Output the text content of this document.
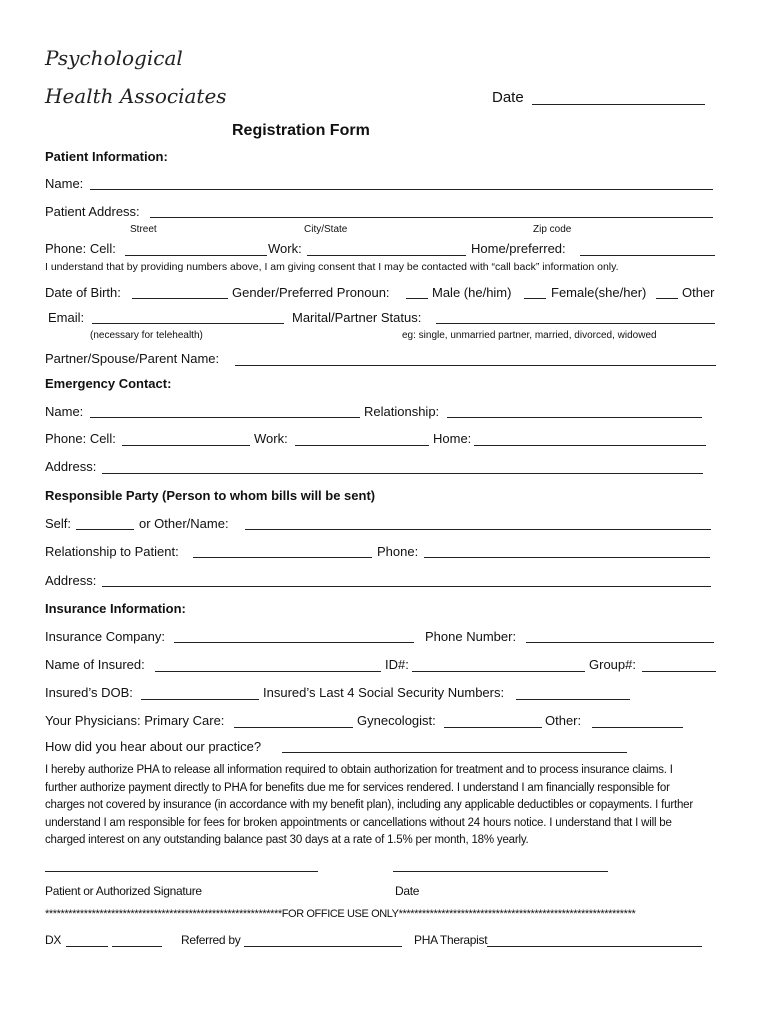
Psychological
Health Associates	Date
Registration Form
Patient Information:
Name:
Patient Address:
Street	City/State	Zip code
Phone: Cell:	Work:	Home/preferred:
I understand that by providing numbers above, I am giving consent that I may be contacted with “call back” information only.
Date of Birth:	Gender/Preferred Pronoun:	Male (he/him)	Female(she/her)	Other
Email:	Marital/Partner Status:
(necessary for telehealth)	eg: single, unmarried partner, married, divorced, widowed
Partner/Spouse/Parent Name:
Emergency Contact:
Name:	Relationship:
Phone: Cell:	Work:	Home:
Address:
Responsible Party (Person to whom bills will be sent)
Self:	or Other/Name:
Relationship to Patient:	Phone:
Address:
Insurance Information:
Insurance Company:	Phone Number:
Name of Insured:	ID#:	Group#:
Insured’s DOB:	Insured’s Last 4 Social Security Numbers:
Your Physicians: Primary Care:	Gynecologist:	Other:
How did you hear about our practice?
I hereby authorize PHA to release all information required to obtain authorization for treatment and to process insurance claims. I further authorize payment directly to PHA for benefits due me for services rendered. I understand I am financially responsible for charges not covered by insurance (in accordance with my benefit plan), including any applicable deductibles or copayments. I further understand I am responsible for fees for broken appointments or cancellations without 24 hours notice. I understand that I will be charged interest on any outstanding balance past 30 days at a rate of 1.5% per month, 18% yearly.
Patient or Authorized Signature	Date
*************************************************************FOR OFFICE USE ONLY*************************************************************
DX	Referred by	PHA Therapist
